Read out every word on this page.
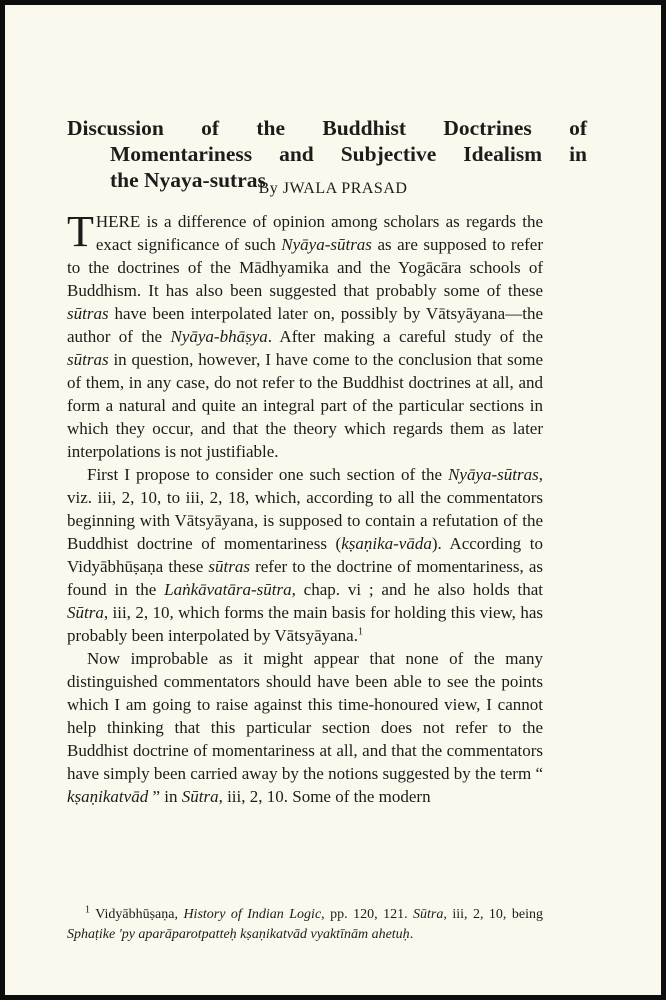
Discussion of the Buddhist Doctrines of
Momentariness and Subjective Idealism in
the Nyaya-sutras
By JWALA PRASAD

THERE is a difference of opinion among scholars as regards the exact significance of such Nyāya-sūtras as are supposed to refer to the doctrines of the Mādhyamika and the Yogācāra schools of Buddhism. It has also been suggested that probably some of these sūtras have been interpolated later on, possibly by Vātsyāyana—the author of the Nyāya-bhāṣya. After making a careful study of the sūtras in question, however, I have come to the conclusion that some of them, in any case, do not refer to the Buddhist doctrines at all, and form a natural and quite an integral part of the particular sections in which they occur, and that the theory which regards them as later interpolations is not justifiable.

First I propose to consider one such section of the Nyāya-sūtras, viz. iii, 2, 10, to iii, 2, 18, which, according to all the commentators beginning with Vātsyāyana, is supposed to contain a refutation of the Buddhist doctrine of momentariness (kṣaṇika-vāda). According to Vidyābhūṣaṇa these sūtras refer to the doctrine of momentariness, as found in the Laṅkāvatāra-sūtra, chap. vi ; and he also holds that Sūtra, iii, 2, 10, which forms the main basis for holding this view, has probably been interpolated by Vātsyāyana.$^1$

Now improbable as it might appear that none of the many distinguished commentators should have been able to see the points which I am going to raise against this time-honoured view, I cannot help thinking that this particular section does not refer to the Buddhist doctrine of momentariness at all, and that the commentators have simply been carried away by the notions suggested by the term “ kṣaṇikatvād ” in Sūtra, iii, 2, 10. Some of the modern

$^1$ Vidyābhūṣaṇa, History of Indian Logic, pp. 120, 121. Sūtra, iii, 2, 10, being Sphaṭike 'py aparāparotpatteḥ kṣaṇikatvād vyaktīnām ahetuḥ.
